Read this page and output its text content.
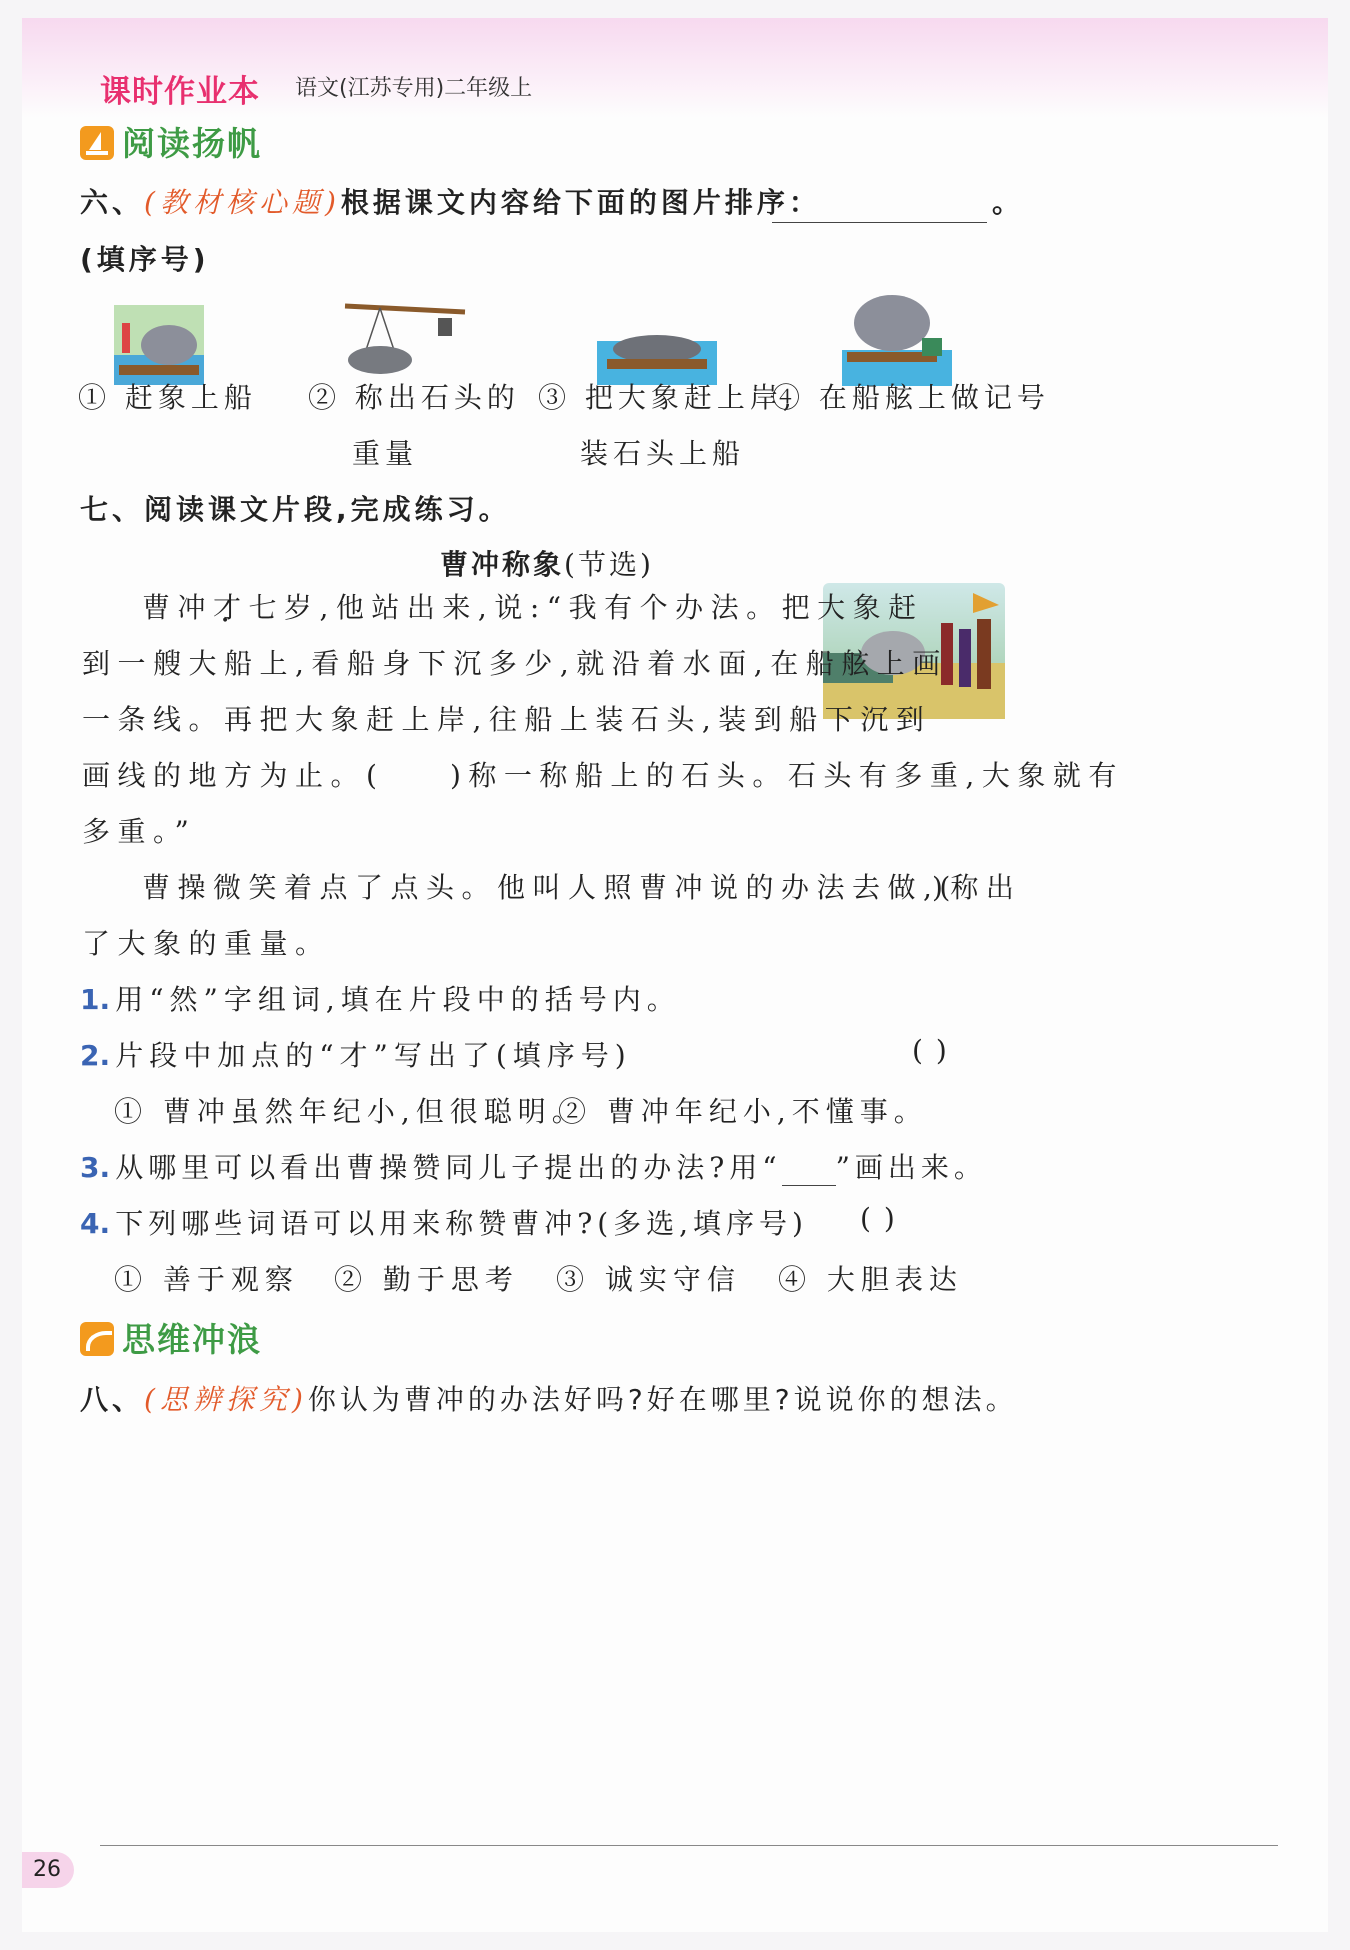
课时作业本 语文(江苏专用)二年级上
阅读扬帆
六、(教材核心题)根据课文内容给下面的图片排序：	。
(填序号)
① 赶象上船 ② 称出石头的
重量
③ 把大象赶上岸,
装石头上船
④ 在船舷上做记号
七、阅读课文片段,完成练习。
曹冲称象(节选)
曹冲才七岁,他站出来,说:“我有个办法。把大象赶
到一艘大船上,看船身下沉多少,就沿着水面,在船舷上画
一条线。再把大象赶上岸,往船上装石头,装到船下沉到
画线的地方为止。( )称一称船上的石头。石头有多重,大象就有
多重。”
曹操微笑着点了点头。他叫人照曹冲说的办法去做,(
)称出
了大象的重量。
1. 用“然”字组词,填在片段中的括号内。
2. 片段中加点的“才”写出了(填序号)	( )
① 曹冲虽然年纪小,但很聪明。
② 曹冲年纪小,不懂事。
3. 从哪里可以看出曹操赞同儿子提出的办法?用“ ”画出来。
4. 下列哪些词语可以用来称赞曹冲?(多选,填序号) ( )
① 善于观察 ② 勤于思考 ③ 诚实守信 ④ 大胆表达
思维冲浪
八、(思辨探究)你认为曹冲的办法好吗?好在哪里?说说你的想法。
26
